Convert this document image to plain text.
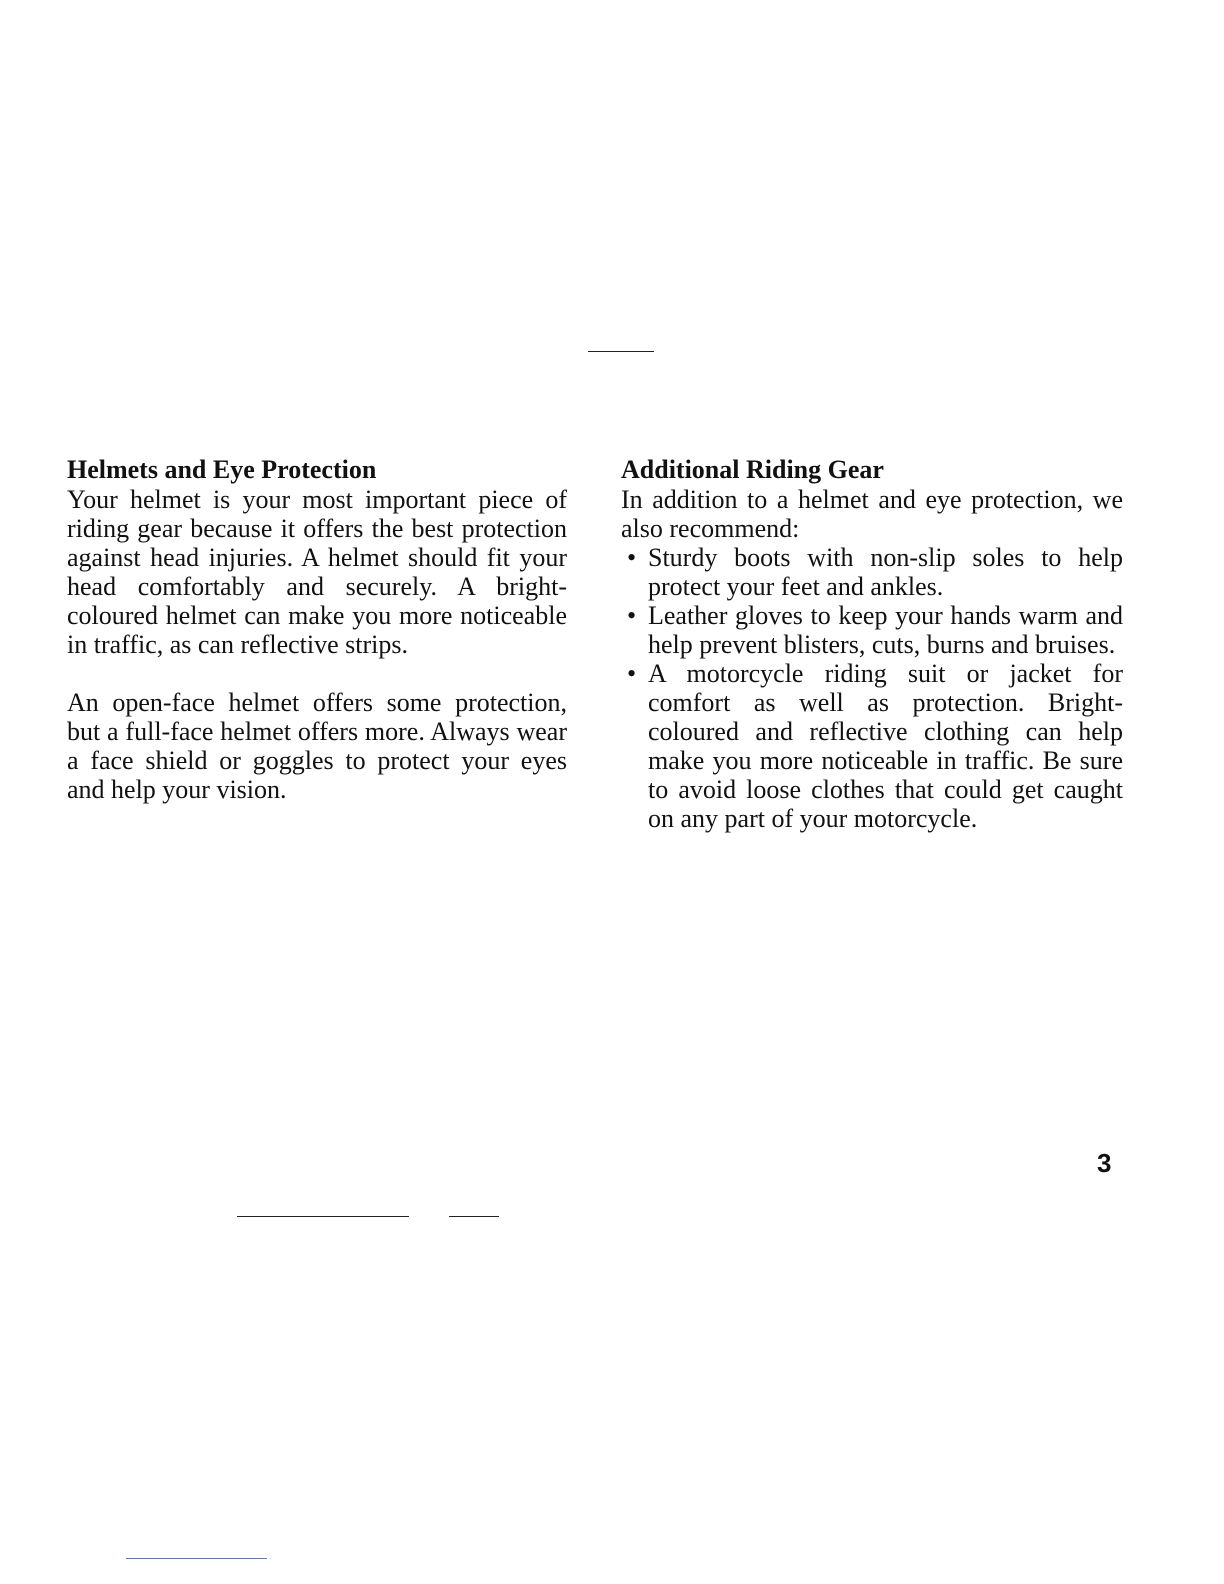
Helmets and Eye Protection

Your helmet is your most important piece of riding gear because it offers the best protection against head injuries. A helmet should fit your head comfortably and securely. A bright-coloured helmet can make you more noticeable in traffic, as can reflective strips.

An open-face helmet offers some protection, but a full-face helmet offers more. Always wear a face shield or goggles to protect your eyes and help your vision.

Additional Riding Gear

In addition to a helmet and eye protection, we also recommend:

• Sturdy boots with non-slip soles to help protect your feet and ankles.
• Leather gloves to keep your hands warm and help prevent blisters, cuts, burns and bruises.
• A motorcycle riding suit or jacket for comfort as well as protection. Bright-coloured and reflective clothing can help make you more noticeable in traffic. Be sure to avoid loose clothes that could get caught on any part of your motorcycle.
3
